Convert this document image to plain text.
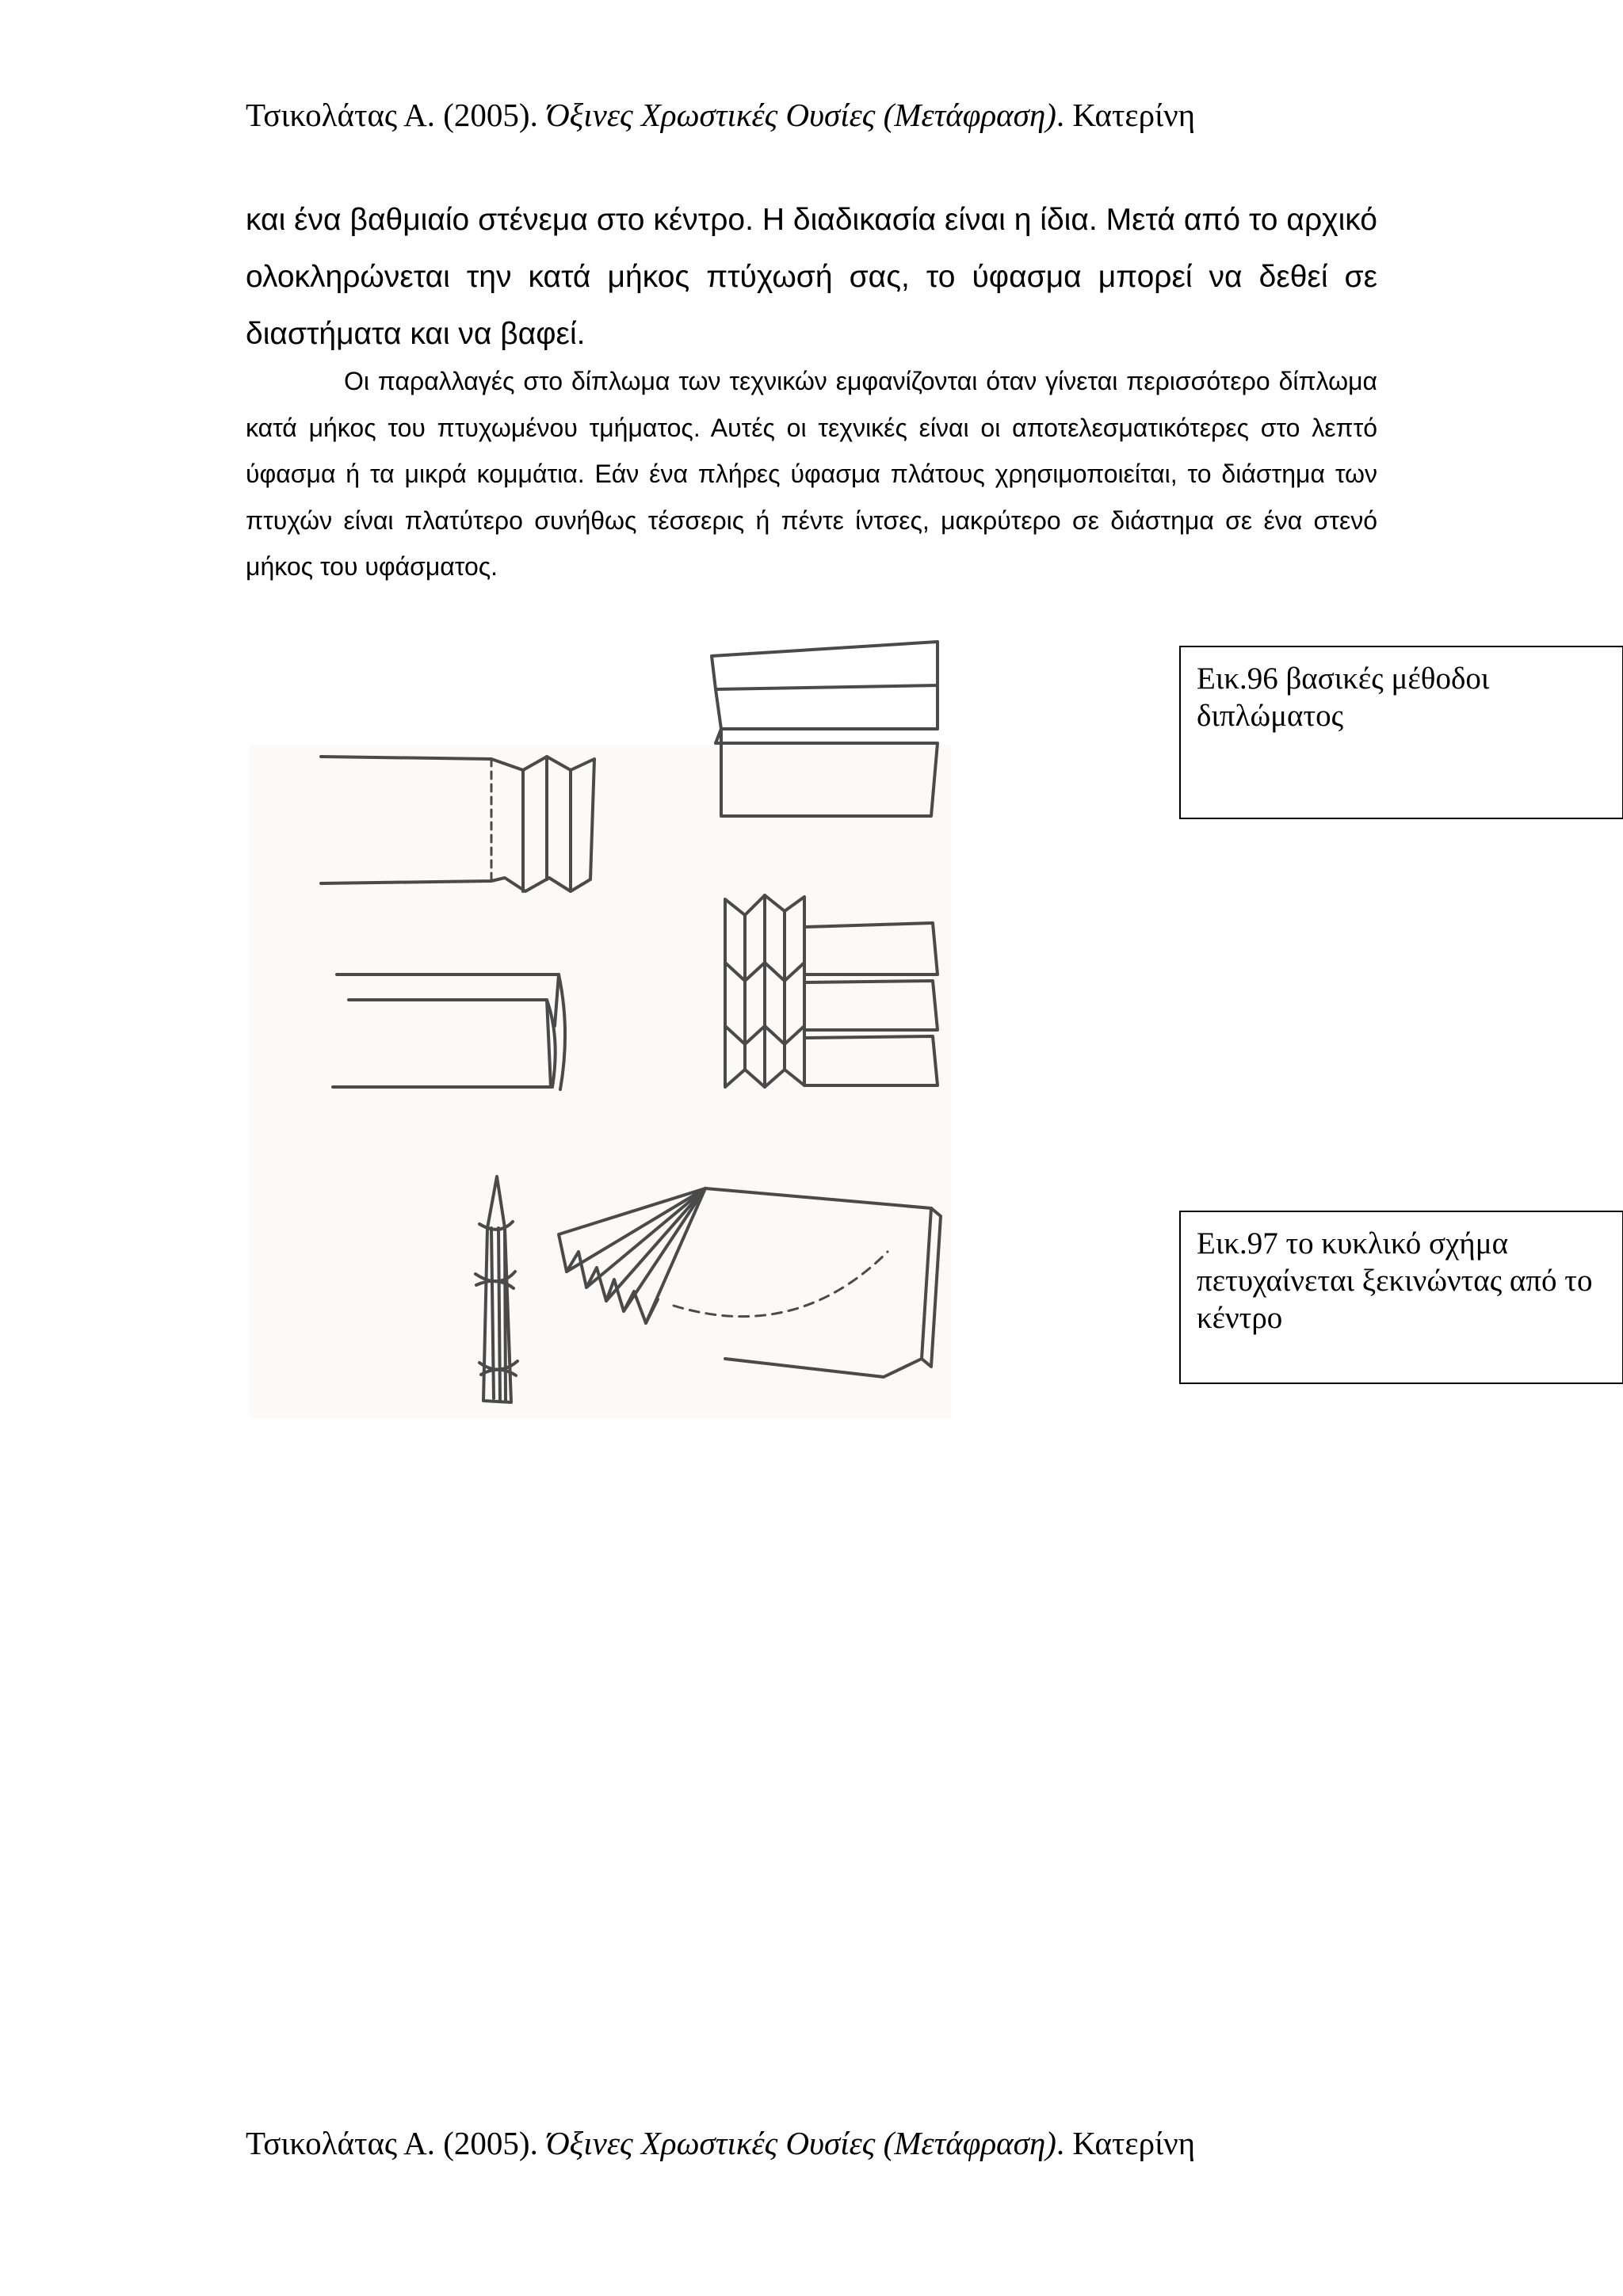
Τσικολάτας Α. (2005). Όξινες Χρωστικές Ουσίες (Μετάφραση). Κατερίνη

και ένα βαθμιαίο στένεμα στο κέντρο. Η διαδικασία είναι η ίδια. Μετά από το αρχικό ολοκληρώνεται την κατά μήκος πτύχωσή σας, το ύφασμα μπορεί να δεθεί σε διαστήματα και να βαφεί.

Οι παραλλαγές στο δίπλωμα των τεχνικών εμφανίζονται όταν γίνεται περισσότερο δίπλωμα κατά μήκος του πτυχωμένου τμήματος. Αυτές οι τεχνικές είναι οι αποτελεσματικότερες στο λεπτό ύφασμα ή τα μικρά κομμάτια. Εάν ένα πλήρες ύφασμα πλάτους χρησιμοποιείται, το διάστημα των πτυχών είναι πλατύτερο συνήθως τέσσερις ή πέντε ίντσες, μακρύτερο σε διάστημα σε ένα στενό μήκος του υφάσματος.

Εικ.96 βασικές μέθοδοι διπλώματος
Εικ.97 το κυκλικό σχήμα πετυχαίνεται ξεκινώντας από το κέντρο
Τσικολάτας Α. (2005). Όξινες Χρωστικές Ουσίες (Μετάφραση). Κατερίνη
